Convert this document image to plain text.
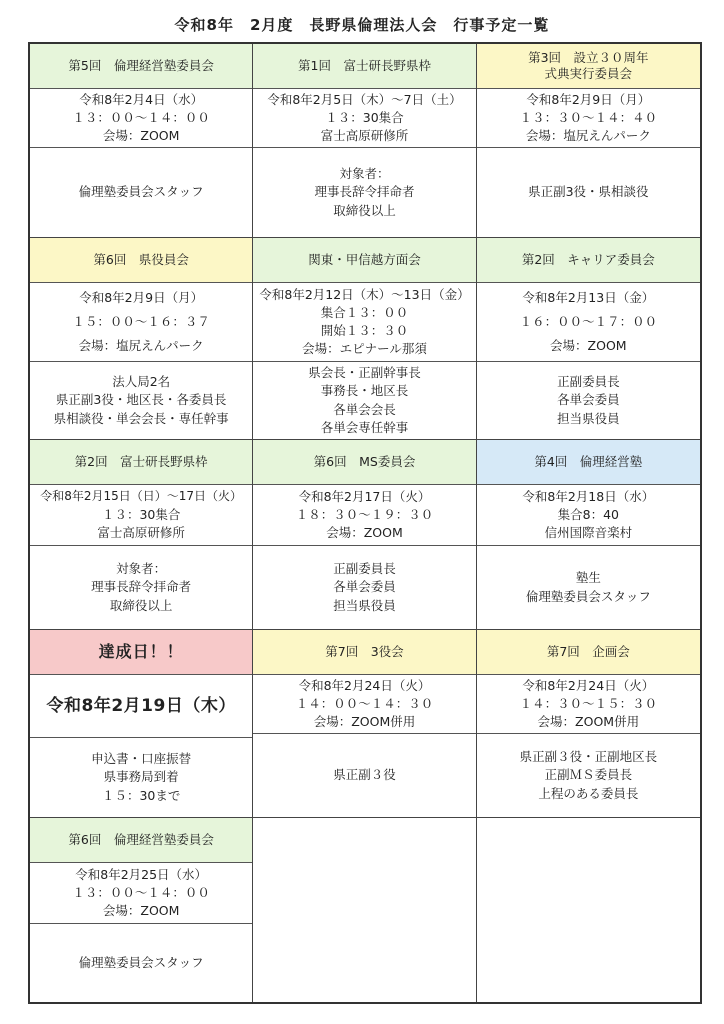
令和8年　2月度　長野県倫理法人会　行事予定一覧
第5回　倫理経営塾委員会
令和8年2月4日（水）
１３：００～１４：００
会場：ZOOM
倫理塾委員会スタッフ
第1回　富士研長野県枠
令和8年2月5日（木）～7日（土）
１３：30集合
富士高原研修所
対象者：
理事長辞令拝命者
取締役以上
第3回　設立３０周年
式典実行委員会
令和8年2月9日（月）
１３：３０～１４：４０
会場：塩尻えんパーク
県正副3役・県相談役
第6回　県役員会
令和8年2月9日（月）
１５：００～１６：３７
会場：塩尻えんパーク
法人局2名
県正副3役・地区長・各委員長
県相談役・単会会長・専任幹事
関東・甲信越方面会
令和8年2月12日（木）～13日（金）
集合１３：００
開始１３：３０
会場：エピナール那須
県会長・正副幹事長
事務長・地区長
各単会会長
各単会専任幹事
第2回　キャリア委員会
令和8年2月13日（金）
１６：００～１７：００
会場：ZOOM
正副委員長
各単会委員
担当県役員
第2回　富士研長野県枠
令和8年2月15日（日）～17日（火）
１３：30集合
富士高原研修所
対象者：
理事長辞令拝命者
取締役以上
第6回　MS委員会
令和8年2月17日（火）
１８：３０～１９：３０
会場：ZOOM
正副委員長
各単会委員
担当県役員
第4回　倫理経営塾
令和8年2月18日（水）
集合8：40
信州国際音楽村
塾生
倫理塾委員会スタッフ
達成日！！
令和8年2月19日（木）
申込書・口座振替
県事務局到着
１５：30まで
第7回　3役会
令和8年2月24日（火）
１４：００～１４：３０
会場：ZOOM併用
県正副３役
第7回　企画会
令和8年2月24日（火）
１４：３０～１５：３０
会場：ZOOM併用
県正副３役・正副地区長
正副ＭＳ委員長
上程のある委員長
第6回　倫理経営塾委員会
令和8年2月25日（水）
１３：００～１４：００
会場：ZOOM
倫理塾委員会スタッフ
